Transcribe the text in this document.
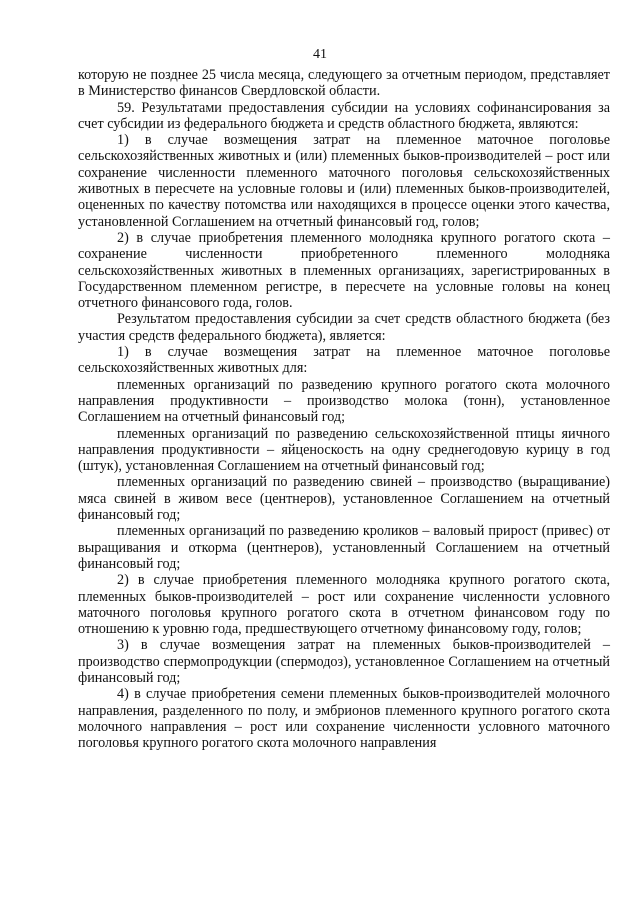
41

которую не позднее 25 числа месяца, следующего за отчетным периодом, представляет в Министерство финансов Свердловской области.

59. Результатами предоставления субсидии на условиях софинансирования за счет субсидии из федерального бюджета и средств областного бюджета, являются:

1) в случае возмещения затрат на племенное маточное поголовье сельскохозяйственных животных и (или) племенных быков-производителей – рост или сохранение численности племенного маточного поголовья сельскохозяйственных животных в пересчете на условные головы и (или) племенных быков-производителей, оцененных по качеству потомства или находящихся в процессе оценки этого качества, установленной Соглашением на отчетный финансовый год, голов;

2) в случае приобретения племенного молодняка крупного рогатого скота – сохранение численности приобретенного племенного молодняка сельскохозяйственных животных в племенных организациях, зарегистрированных в Государственном племенном регистре, в пересчете на условные головы на конец отчетного финансового года, голов.

Результатом предоставления субсидии за счет средств областного бюджета (без участия средств федерального бюджета), является:

1) в случае возмещения затрат на племенное маточное поголовье сельскохозяйственных животных для:

племенных организаций по разведению крупного рогатого скота молочного направления продуктивности – производство молока (тонн), установленное Соглашением на отчетный финансовый год;

племенных организаций по разведению сельскохозяйственной птицы яичного направления продуктивности – яйценоскость на одну среднегодовую курицу в год (штук), установленная Соглашением на отчетный финансовый год;

племенных организаций по разведению свиней – производство (выращивание) мяса свиней в живом весе (центнеров), установленное Соглашением на отчетный финансовый год;

племенных организаций по разведению кроликов – валовый прирост (привес) от выращивания и откорма (центнеров), установленный Соглашением на отчетный финансовый год;

2) в случае приобретения племенного молодняка крупного рогатого скота, племенных быков-производителей – рост или сохранение численности условного маточного поголовья крупного рогатого скота в отчетном финансовом году по отношению к уровню года, предшествующего отчетному финансовому году, голов;

3) в случае возмещения затрат на племенных быков-производителей – производство спермопродукции (спермодоз), установленное Соглашением на отчетный финансовый год;

4) в случае приобретения семени племенных быков-производителей молочного направления, разделенного по полу, и эмбрионов племенного крупного рогатого скота молочного направления – рост или сохранение численности условного маточного поголовья крупного рогатого скота молочного направления
